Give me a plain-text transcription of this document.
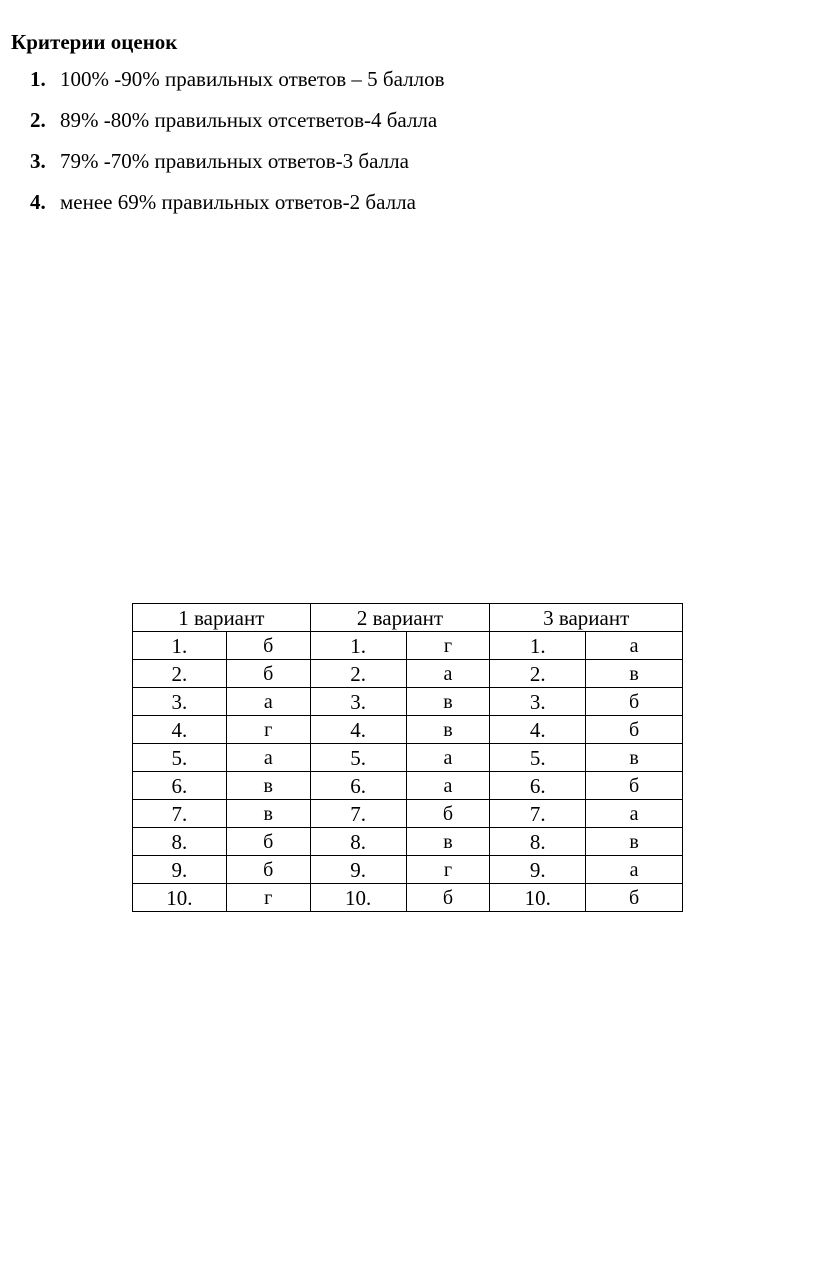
Критерии оценок
1. 100% -90% правильных ответов – 5 баллов
2. 89% -80% правильных отсетветов-4 балла
3. 79% -70% правильных ответов-3 балла
4. менее 69% правильных ответов-2 балла
1 вариант		2 вариант		3 вариант	
1.	б	1.	г	1.	а
2.	б	2.	а	2.	в
3.	а	3.	в	3.	б
4.	г	4.	в	4.	б
5.	а	5.	а	5.	в
6.	в	6.	а	6.	б
7.	в	7.	б	7.	а
8.	б	8.	в	8.	в
9.	б	9.	г	9.	а
10.	г	10.	б	10.	б
